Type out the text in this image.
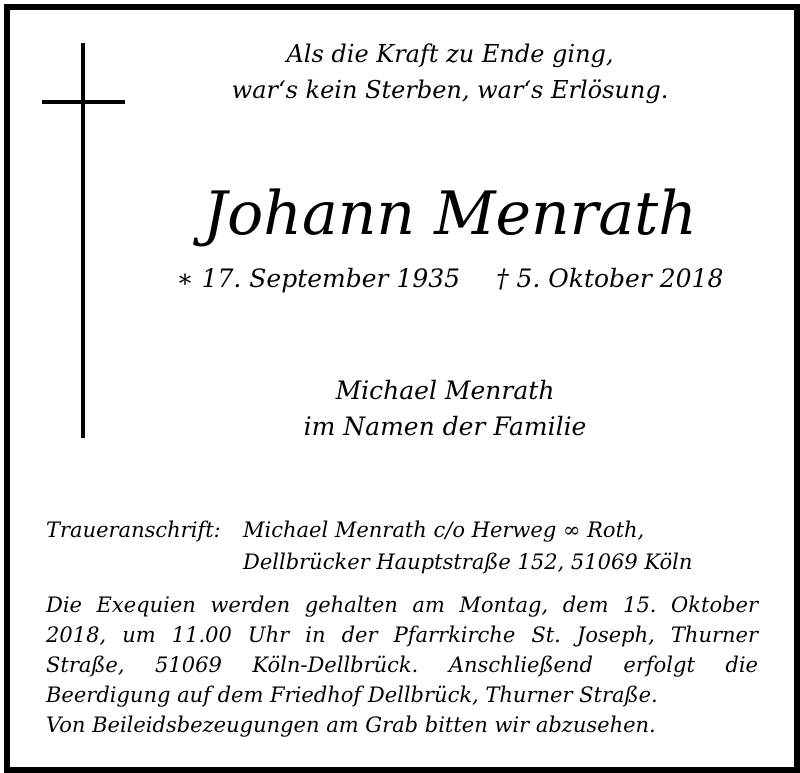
Als die Kraft zu Ende ging,
war‘s kein Sterben, war‘s Erlösung.
Johann Menrath
∗ 17. September 1935 † 5. Oktober 2018
Michael Menrath
im Namen der Familie
Traueranschrift:	Michael Menrath c/o Herweg ∞ Roth,
Dellbrücker Hauptstraße 152, 51069 Köln
Die Exequien werden gehalten am Montag, dem 15. Oktober 2018, um 11.00 Uhr in der Pfarrkirche St. Joseph, Thurner Straße, 51069 Köln-Dellbrück. Anschließend erfolgt die Beerdigung auf dem Friedhof Dellbrück, Thurner Straße.
Von Beileidsbezeugungen am Grab bitten wir abzusehen.
